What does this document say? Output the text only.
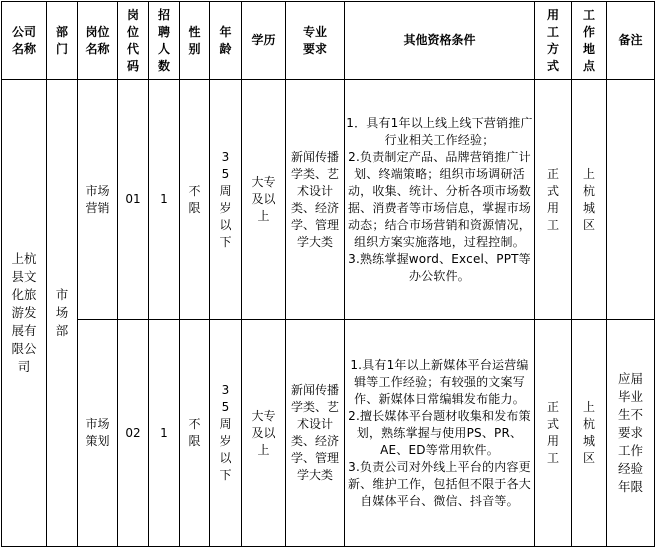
公司名称	部门	岗位名称	岗位代码	招聘人数	性别	年龄	学历	专业要求	其他资格条件	用工方式	工作地点	备注

上杭县文化旅游发展有限公司	市场部	市场营销	01	1	不限	35周岁以下	大专及以上	新闻传播学类、艺术设计类、经济学、管理学大类	1．具有1年以上线上线下营销推广行业相关工作经验；
2.负责制定产品、品牌营销推广计划、终端策略；组织市场调研活动，收集、统计、分析各项市场数据、消费者等市场信息，掌握市场动态；结合市场营销和资源情况，组织方案实施落地，过程控制。
3.熟练掌握word、Excel、PPT等办公软件。	正式用工	上杭城区	

		市场策划	02	1	不限	35周岁以下	大专及以上	新闻传播学类、艺术设计类、经济学、管理学大类	1.具有1年以上新媒体平台运营编辑等工作经验；有较强的文案写作、新媒体日常编辑发布能力。
2.擅长媒体平台题材收集和发布策划，熟练掌握与使用PS、PR、AE、ED等常用软件。
3.负责公司对外线上平台的内容更新、维护工作，包括但不限于各大自媒体平台、微信、抖音等。	正式用工	上杭城区	应届毕业生不要求工作经验年限
